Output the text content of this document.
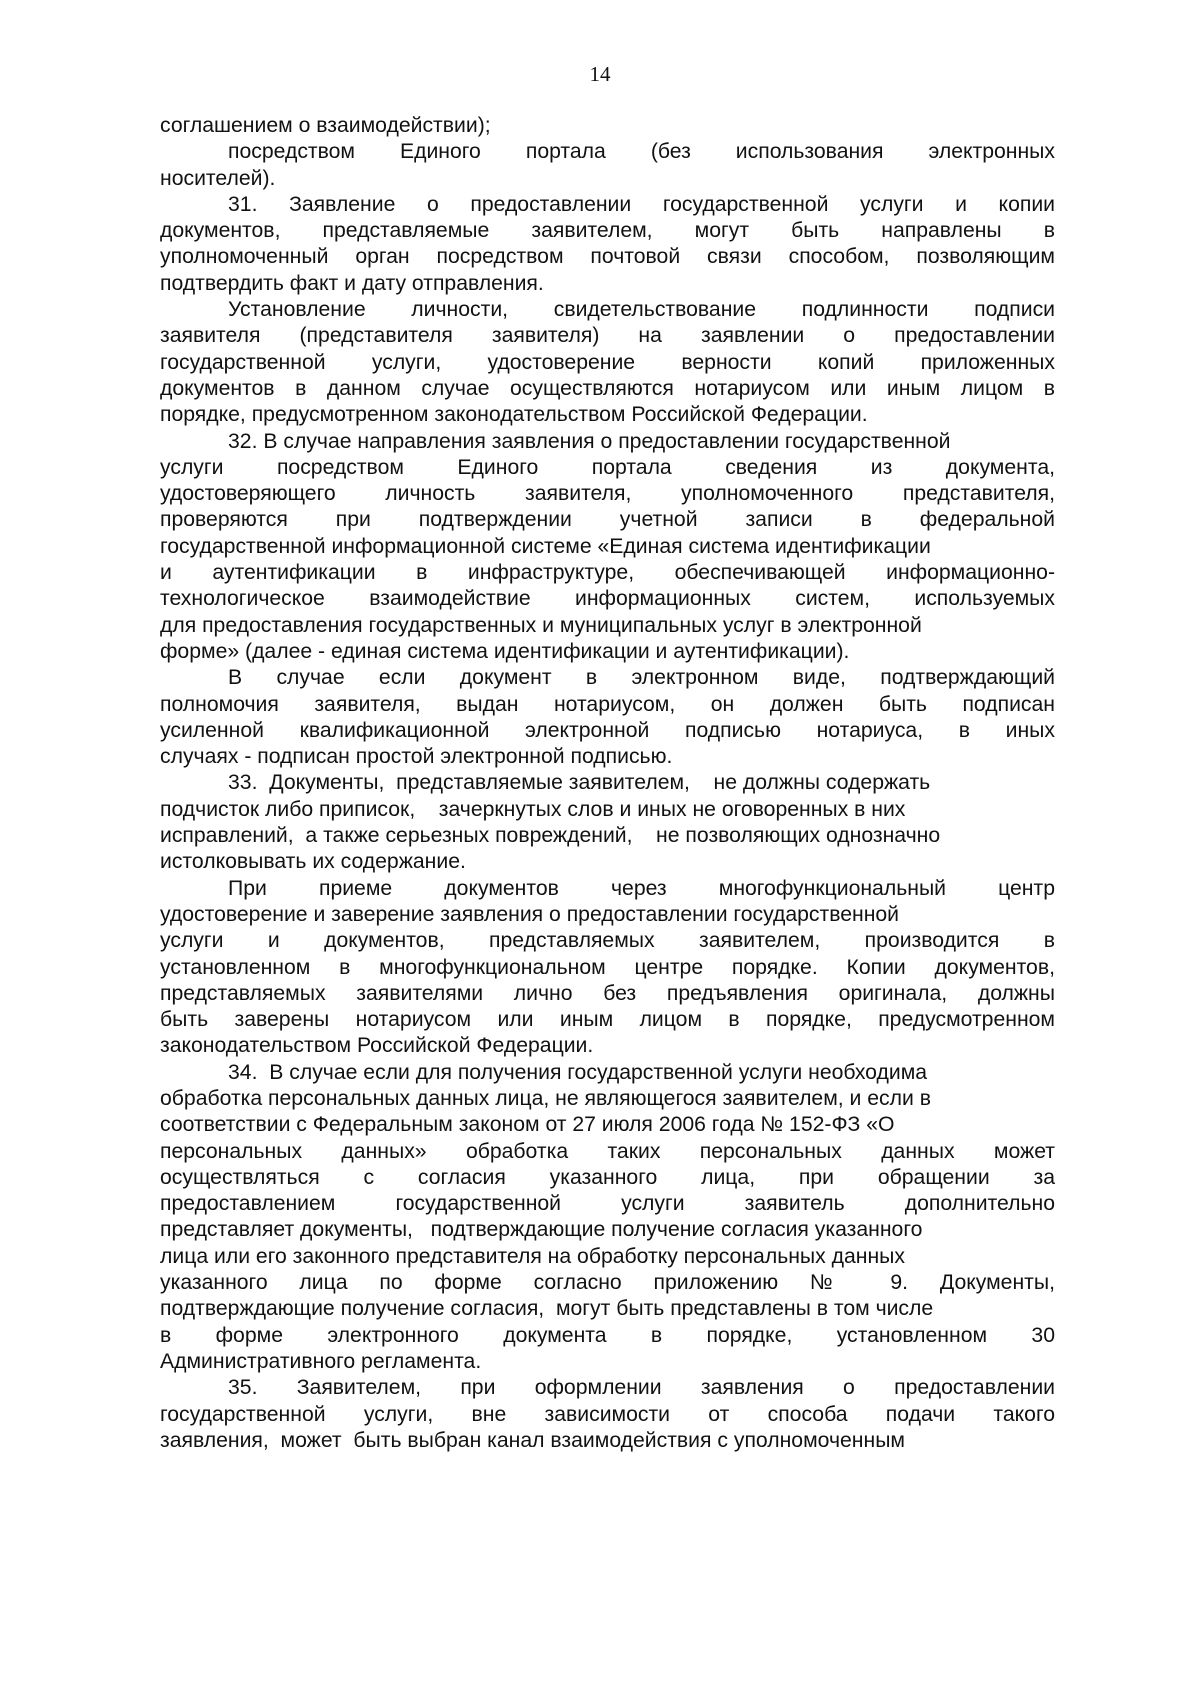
14
соглашением о взаимодействии);
посредством Единого портала (без использования электронных
носителей).
31. Заявление о предоставлении государственной услуги и копии
документов, представляемые заявителем, могут быть направлены в
уполномоченный орган посредством почтовой связи способом, позволяющим
подтвердить факт и дату отправления.
Установление личности, свидетельствование подлинности подписи
заявителя (представителя заявителя) на заявлении о предоставлении
государственной услуги, удостоверение верности копий приложенных
документов в данном случае осуществляются нотариусом или иным лицом в
порядке, предусмотренном законодательством Российской Федерации.
32. В случае направления заявления о предоставлении государственной
услуги посредством Единого портала сведения из документа,
удостоверяющего личность заявителя, уполномоченного представителя,
проверяются при подтверждении учетной записи в федеральной
государственной информационной системе «Единая система идентификации
и аутентификации в инфраструктуре, обеспечивающей информационно-
технологическое взаимодействие информационных систем, используемых
для предоставления государственных и муниципальных услуг в электронной
форме» (далее - единая система идентификации и аутентификации).
В случае если документ в электронном виде, подтверждающий
полномочия заявителя, выдан нотариусом, он должен быть подписан
усиленной квалификационной электронной подписью нотариуса, в иных
случаях - подписан простой электронной подписью.
33.  Документы,  представляемые заявителем,    не должны содержать
подчисток либо приписок,    зачеркнутых слов и иных не оговоренных в них
исправлений,  а также серьезных повреждений,    не позволяющих однозначно
истолковывать их содержание.
При приеме документов через многофункциональный центр
удостоверение и заверение заявления о предоставлении государственной
услуги и документов, представляемых заявителем, производится в
установленном в многофункциональном центре порядке. Копии документов,
представляемых заявителями лично без предъявления оригинала, должны
быть заверены нотариусом или иным лицом в порядке, предусмотренном
законодательством Российской Федерации.
34.  В случае если для получения государственной услуги необходима
обработка персональных данных лица, не являющегося заявителем, и если в
соответствии с Федеральным законом от 27 июля 2006 года № 152-ФЗ «О
персональных данных» обработка таких персональных данных может
осуществляться с согласия указанного лица, при обращении за
предоставлением государственной услуги заявитель дополнительно
представляет документы,   подтверждающие получение согласия указанного
лица или его законного представителя на обработку персональных данных
указанного лица по форме согласно приложению № 9. Документы,
подтверждающие получение согласия,  могут быть представлены в том числе
в форме электронного документа в порядке, установленном 30
Административного регламента.
35. Заявителем, при оформлении заявления о предоставлении
государственной услуги, вне зависимости от способа подачи такого
заявления,  может  быть выбран канал взаимодействия с уполномоченным
